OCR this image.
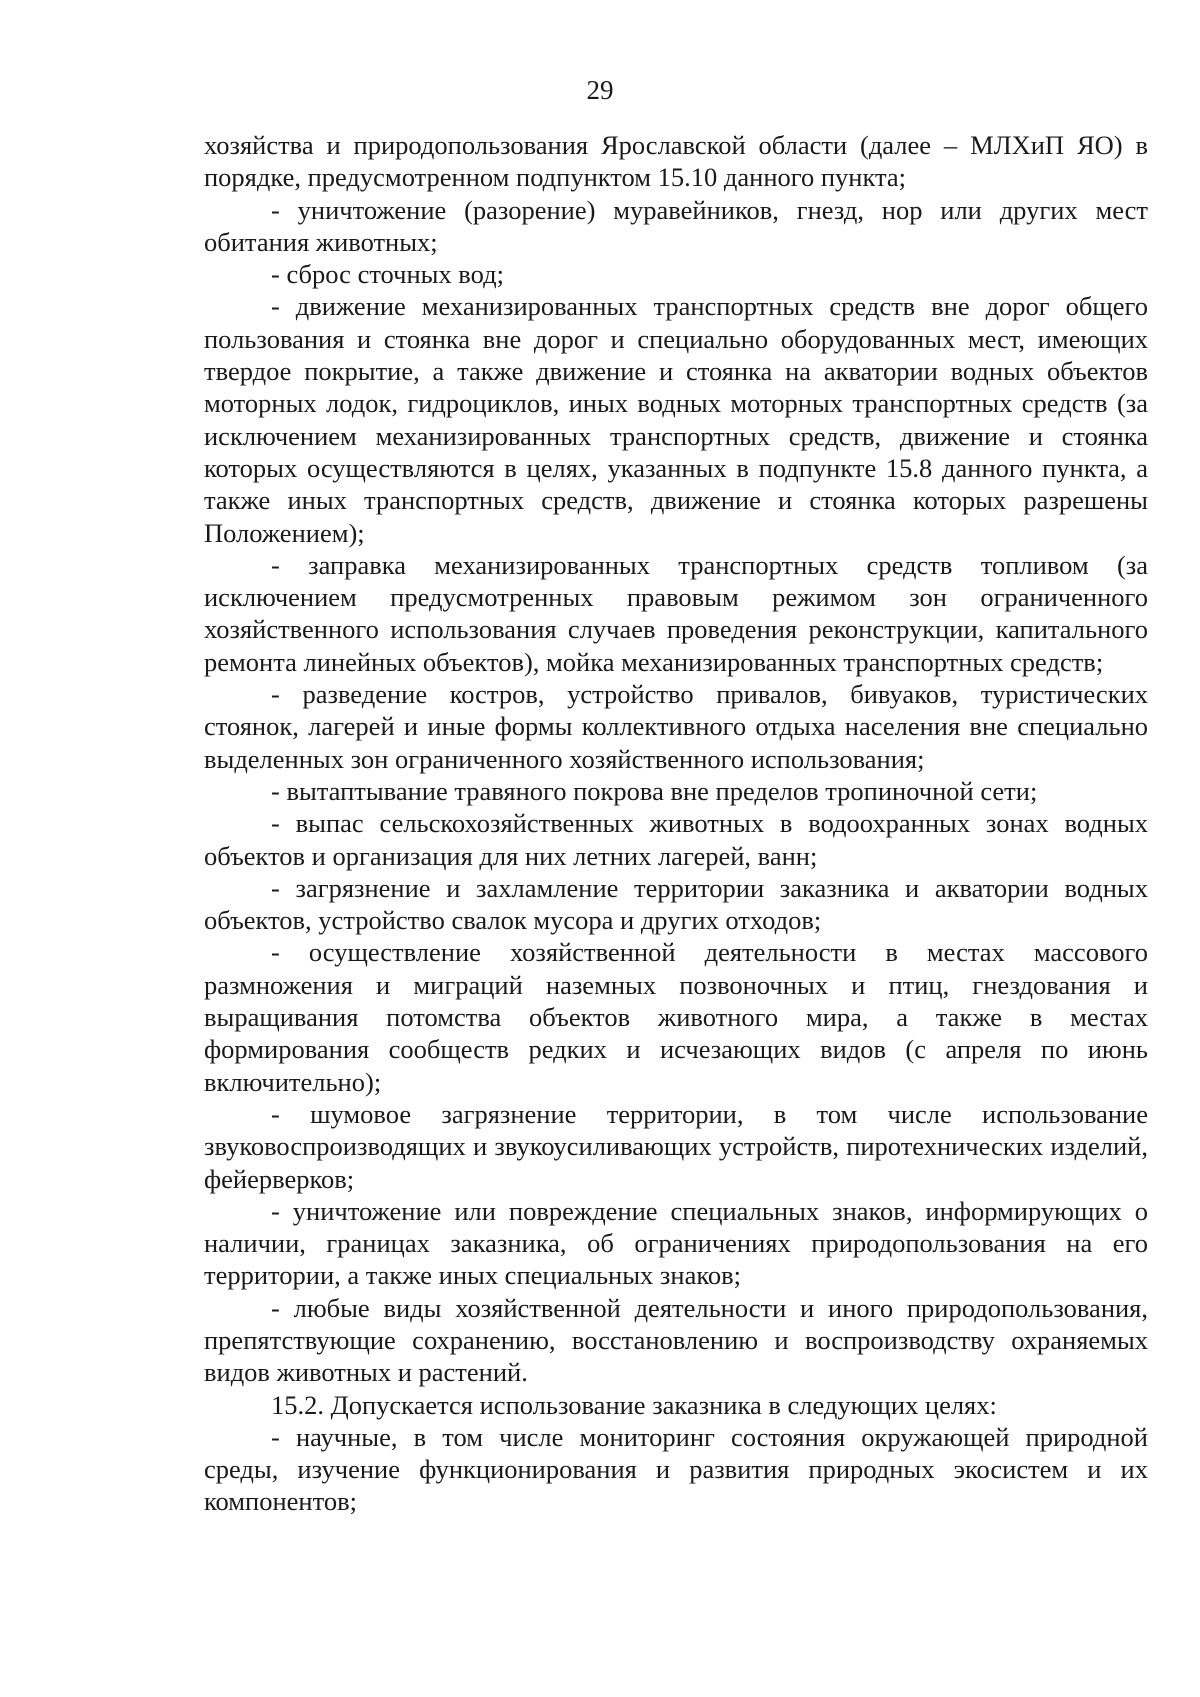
29

хозяйства и природопользования Ярославской области (далее – МЛХиП ЯО) в порядке, предусмотренном подпунктом 15.10 данного пункта;

- уничтожение (разорение) муравейников, гнезд, нор или других мест обитания животных;

- сброс сточных вод;

- движение механизированных транспортных средств вне дорог общего пользования и стоянка вне дорог и специально оборудованных мест, имеющих твердое покрытие, а также движение и стоянка на акватории водных объектов моторных лодок, гидроциклов, иных водных моторных транспортных средств (за исключением механизированных транспортных средств, движение и стоянка которых осуществляются в целях, указанных в подпункте 15.8 данного пункта, а также иных транспортных средств, движение и стоянка которых разрешены Положением);

- заправка механизированных транспортных средств топливом (за исключением предусмотренных правовым режимом зон ограниченного хозяйственного использования случаев проведения реконструкции, капитального ремонта линейных объектов), мойка механизированных транспортных средств;

- разведение костров, устройство привалов, бивуаков, туристических стоянок, лагерей и иные формы коллективного отдыха населения вне специально выделенных зон ограниченного хозяйственного использования;

- вытаптывание травяного покрова вне пределов тропиночной сети;

- выпас сельскохозяйственных животных в водоохранных зонах водных объектов и организация для них летних лагерей, ванн;

- загрязнение и захламление территории заказника и акватории водных объектов, устройство свалок мусора и других отходов;

- осуществление хозяйственной деятельности в местах массового размножения и миграций наземных позвоночных и птиц, гнездования и выращивания потомства объектов животного мира, а также в местах формирования сообществ редких и исчезающих видов (с апреля по июнь включительно);

- шумовое загрязнение территории, в том числе использование звуковоспроизводящих и звукоусиливающих устройств, пиротехнических изделий, фейерверков;

- уничтожение или повреждение специальных знаков, информирующих о наличии, границах заказника, об ограничениях природопользования на его территории, а также иных специальных знаков;

- любые виды хозяйственной деятельности и иного природопользования, препятствующие сохранению, восстановлению и воспроизводству охраняемых видов животных и растений.

15.2. Допускается использование заказника в следующих целях:

- научные, в том числе мониторинг состояния окружающей природной среды, изучение функционирования и развития природных экосистем и их компонентов;
